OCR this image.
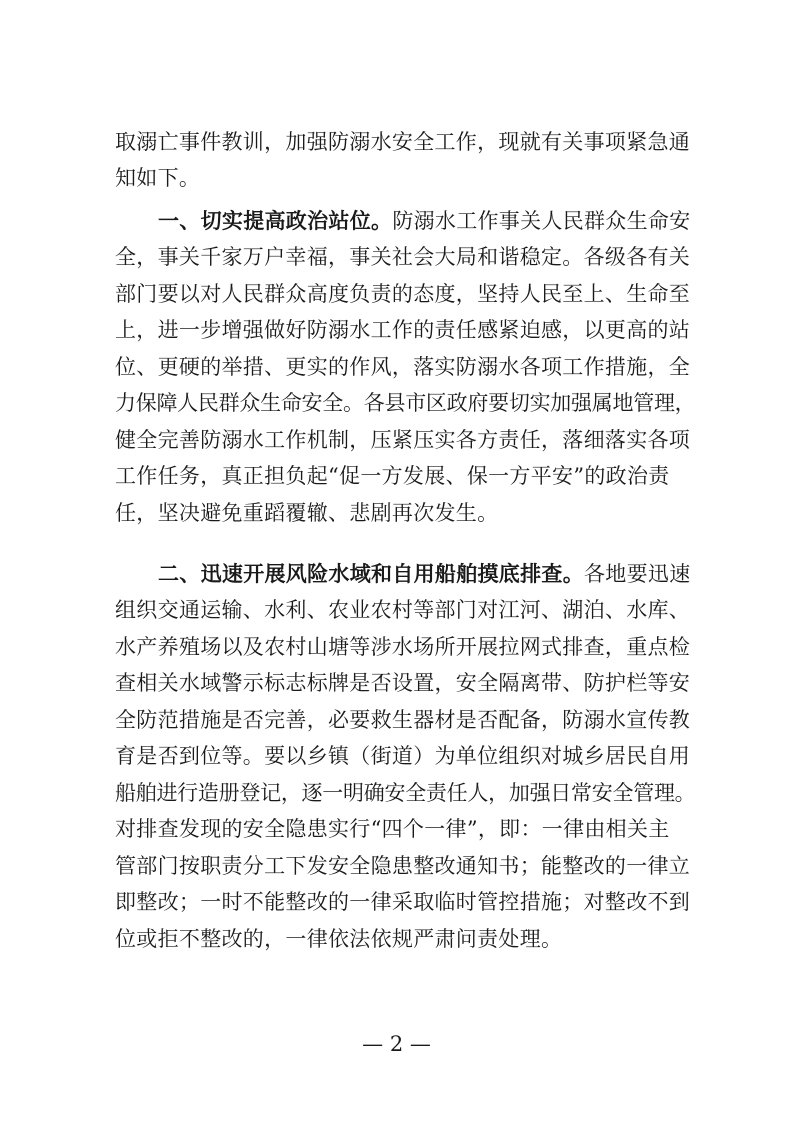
取溺亡事件教训，加强防溺水安全工作，现就有关事项紧急通
知如下。
一、切实提高政治站位。防溺水工作事关人民群众生命安
全，事关千家万户幸福，事关社会大局和谐稳定。各级各有关
部门要以对人民群众高度负责的态度，坚持人民至上、生命至
上，进一步增强做好防溺水工作的责任感紧迫感，以更高的站
位、更硬的举措、更实的作风，落实防溺水各项工作措施，全
力保障人民群众生命安全。各县市区政府要切实加强属地管理，
健全完善防溺水工作机制，压紧压实各方责任，落细落实各项
工作任务，真正担负起“促一方发展、保一方平安”的政治责
任，坚决避免重蹈覆辙、悲剧再次发生。
二、迅速开展风险水域和自用船舶摸底排查。各地要迅速
组织交通运输、水利、农业农村等部门对江河、湖泊、水库、
水产养殖场以及农村山塘等涉水场所开展拉网式排查，重点检
查相关水域警示标志标牌是否设置，安全隔离带、防护栏等安
全防范措施是否完善，必要救生器材是否配备，防溺水宣传教
育是否到位等。要以乡镇（街道）为单位组织对城乡居民自用
船舶进行造册登记，逐一明确安全责任人，加强日常安全管理。
对排查发现的安全隐患实行“四个一律”，即：一律由相关主
管部门按职责分工下发安全隐患整改通知书；能整改的一律立
即整改；一时不能整改的一律采取临时管控措施；对整改不到
位或拒不整改的，一律依法依规严肃问责处理。
— 2 —
